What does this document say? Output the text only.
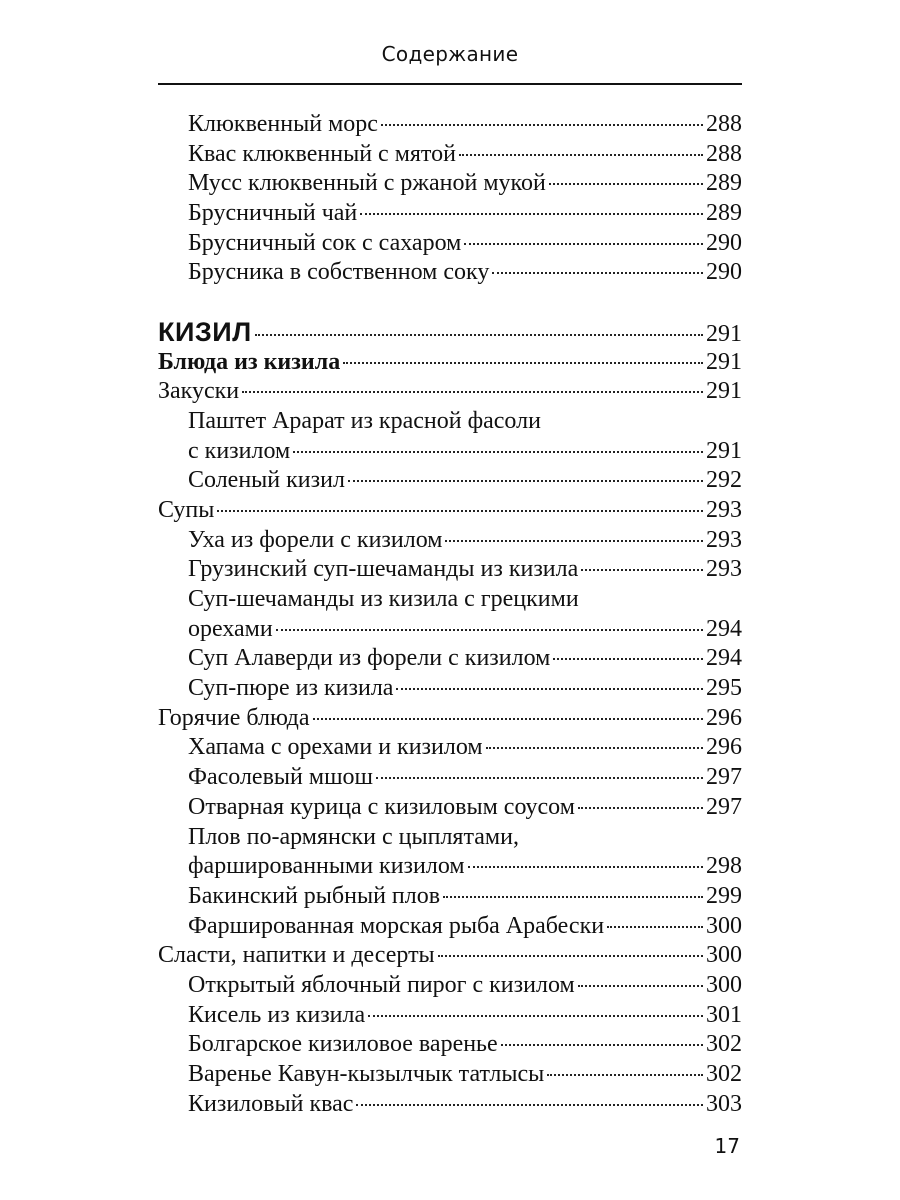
Содержание
Клюквенный морс	288
Квас клюквенный с мятой	288
Мусс клюквенный с ржаной мукой	289
Брусничный чай	289
Брусничный сок с сахаром	290
Брусника в собственном соку	290
КИЗИЛ	291
Блюда из кизила	291
Закуски	291
Паштет Арарат из красной фасоли
с кизилом	291
Соленый кизил	292
Супы	293
Уха из форели с кизилом	293
Грузинский суп-шечаманды из кизила	293
Суп-шечаманды из кизила с грецкими
орехами	294
Суп Алаверди из форели с кизилом	294
Суп-пюре из кизила	295
Горячие блюда	296
Хапама с орехами и кизилом	296
Фасолевый мшош	297
Отварная курица с кизиловым соусом	297
Плов по-армянски с цыплятами,
фаршированными кизилом	298
Бакинский рыбный плов	299
Фаршированная морская рыба Арабески	300
Сласти, напитки и десерты	300
Открытый яблочный пирог с кизилом	300
Кисель из кизила	301
Болгарское кизиловое варенье	302
Варенье Кавун-кызылчык татлысы	302
Кизиловый квас	303
17
